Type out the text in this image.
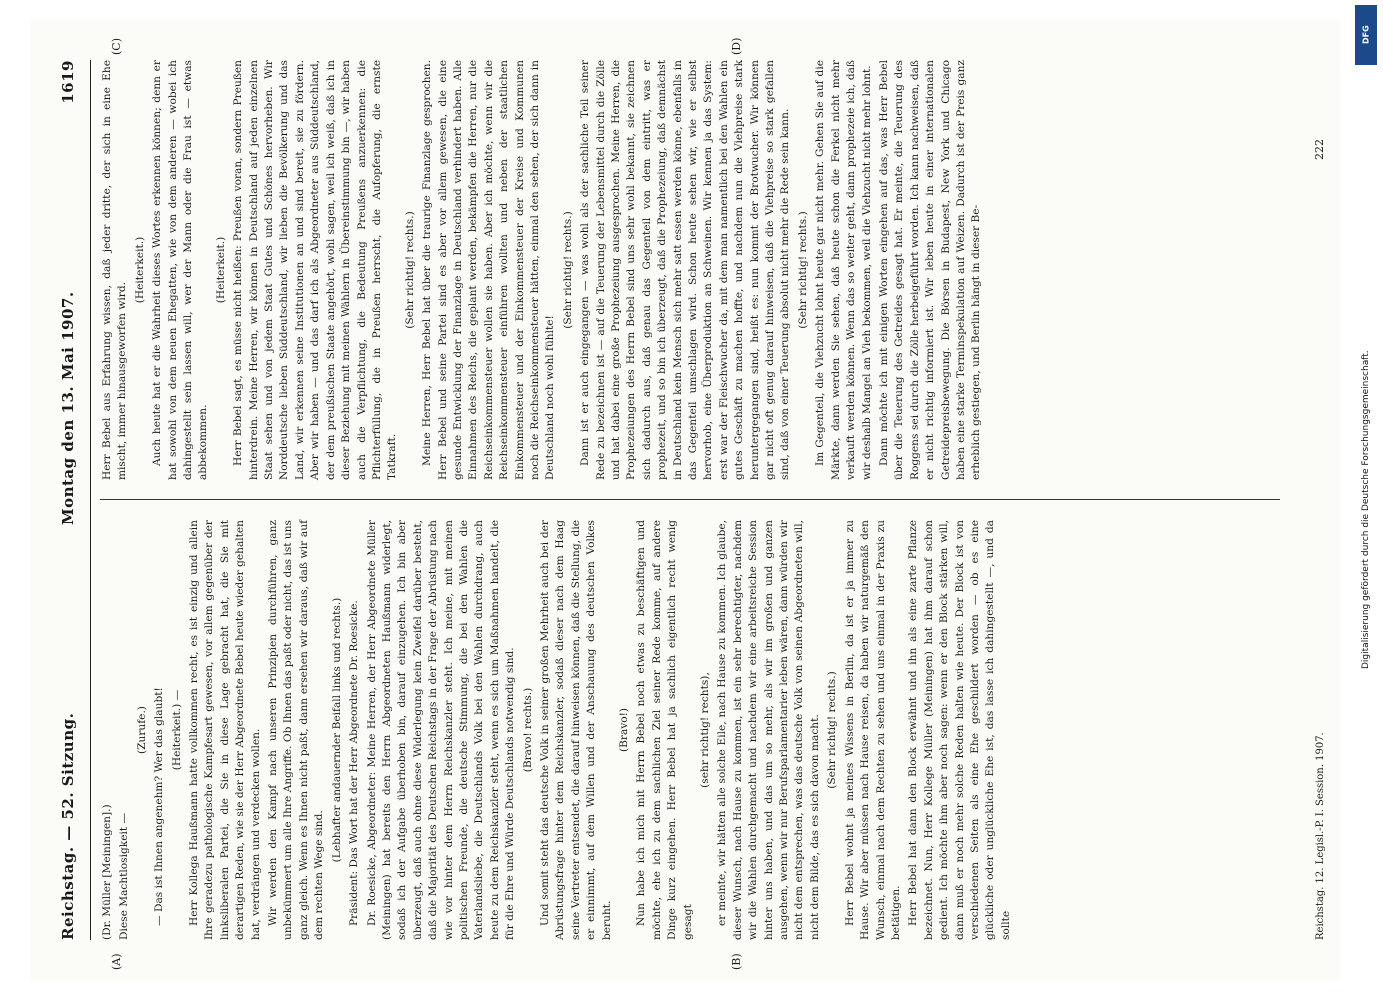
Reichstag. — 52. Sitzung.
Montag den 13. Mai 1907.
1619
(A)	(B)
(C)	(D)

(Dr. Müller [Meiningen].) Diese Machtlosigkeit —

(Zurufe.) — Das ist Ihnen angenehm? Wer das glaubt! (Heiterkeit.) — Herr Kollega Haußmann hatte vollkommen recht, es ist einzig und allein Ihre geradezu pathologische Kampfesart gewesen, vor allem gegenüber der linksliberalen Partei, die Sie in diese Lage gebracht hat, die Sie mit derartigen Reden, wie sie der Herr Abgeordnete Bebel heute wieder gehalten hat, verdrängen und verdecken wollen. Wir werden den Kampf nach unseren Prinzipien durchführen, ganz unbekümmert um alle Ihre Angriffe. Ob Ihnen das paßt oder nicht, das ist uns ganz gleich. Wenn es Ihnen nicht paßt, dann ersehen wir daraus, daß wir auf dem rechten Wege sind.

(Lebhafter andauernder Beifall links und rechts.) Präsident: Das Wort hat der Herr Abgeordnete Dr. Roesicke. Dr. Roesicke, Abgeordneter: Meine Herren, der Herr Abgeordnete Müller (Meiningen) hat bereits den Herrn Abgeordneten Haußmann widerlegt, sodaß ich der Aufgabe überhoben bin, darauf einzugehen. Ich bin aber überzeugt, daß auch ohne diese Widerlegung kein Zweifel darüber besteht, daß die Majorität des Deutschen Reichstags in der Frage der Abrüstung nach wie vor hinter dem Herrn Reichskanzler steht. Ich meine, mit meinen politischen Freunde, die deutsche Stimmung, die bei den Wahlen die Vaterlandsliebe, die Deutschlands Volk bei den Wahlen durchdrang, auch heute zu dem Reichskanzler steht, wenn es sich um Maßnahmen handelt, die für die Ehre und Würde Deutschlands notwendig sind. (Bravo! rechts.) Und somit steht das deutsche Volk in seiner großen Mehrheit auch bei der Abrüstungsfrage hinter dem Reichskanzler, sodaß dieser nach dem Haag seine Vertreter entsendet, die darauf hinweisen können, daß die Stellung, die er einnimmt, auf dem Willen und der Anschauung des deutschen Volkes beruht.

(Bravo!) Nun habe ich mich mit Herrn Bebel noch etwas zu beschäftigen und möchte, ehe ich zu dem sachlichen Ziel seiner Rede komme, auf andere Dinge kurz eingehen. Herr Bebel hat ja sachlich eigentlich recht wenig gesagt

(sehr richtig! rechts), er meinte, wir hätten alle solche Eile, nach Hause zu kommen. Ich glaube, dieser Wunsch, nach Hause zu kommen, ist ein sehr berechtigter, nachdem wir die Wahlen durchgemacht und nachdem wir eine arbeitsreiche Session hinter uns haben, und das um so mehr, als wir im großen und ganzen ausgehen, wenn wir nur Berufsparlamentarier leben wären, dann würden wir nicht dem entsprechen, was das deutsche Volk von seinen Abgeordneten will, nicht dem Bilde, das es sich davon macht. (Sehr richtig! rechts.) Herr Bebel wohnt ja meines Wissens in Berlin, da ist er ja immer zu Hause. Wir aber müssen nach Hause reisen, da haben wir naturgemäß den Wunsch, einmal nach dem Rechten zu sehen und uns einmal in der Praxis zu betätigen. Herr Bebel hat dann den Block erwähnt und ihn als eine zarte Pflanze bezeichnet. Nun, Herr Kollege Müller (Meiningen) hat ihm darauf schon gedient. Ich möchte ihm aber noch sagen: wenn er den Block stärken will, dann muß er noch mehr solche Reden halten wie heute. Der Block ist von verschiedenen Seiten als eine Ehe geschildert worden — ob es eine glückliche oder unglückliche Ehe ist, das lasse ich dahingestellt —, und da sollte

Herr Bebel aus Erfahrung wissen, daß jeder dritte, der sich in eine Ehe mischt, immer hinausgeworfen wird.

(Heiterkeit.) Auch heute hat er die Wahrheit dieses Wortes erkennen können; denn er hat sowohl von dem neuen Ehegatten, wie von dem anderen — wobei ich dahingestellt sein lassen will, wer der Mann oder die Frau ist — etwas abbekommen.

(Heiterkeit.) Herr Bebel sagt, es müsse nicht heißen: Preußen voran, sondern Preußen hinterdrein. Meine Herren, wir können in Deutschland auf jeden einzelnen Staat sehen und von jedem Staat Gutes und Schönes hervorheben. Wir Norddeutsche lieben Süddeutschland, wir lieben die Bevölkerung und das Land, wir erkennen seine Institutionen an und sind bereit, sie zu fördern. Aber wir haben — und das darf ich als Abgeordneter aus Süddeutschland, der dem preußischen Staate angehört, wohl sagen, weil ich weiß, daß ich in dieser Beziehung mit meinen Wählern in Übereinstimmung bin —, wir haben auch die Verpflichtung, die Bedeutung Preußens anzuerkennen: die Pflichterfüllung, die in Preußen herrscht, die Aufopferung, die ernste Tatkraft.

(Sehr richtig! rechts.) Meine Herren, Herr Bebel hat über die traurige Finanzlage gesprochen. Herr Bebel und seine Partei sind es aber vor allem gewesen, die eine gesunde Entwicklung der Finanzlage in Deutschland verhindert haben. Alle Einnahmen des Reichs, die geplant werden, bekämpfen die Herren, nur die Reichseinkommensteuer wollen sie haben. Aber ich möchte, wenn wir die Reichseinkommensteuer einführen wollten und neben der staatlichen Einkommensteuer und der Einkommensteuer der Kreise und Kommunen noch die Reichseinkommensteuer hätten, einmal den sehen, der sich dann in Deutschland noch wohl fühlte!

(Sehr richtig! rechts.) Dann ist er auch eingegangen — was wohl als der sachliche Teil seiner Rede zu bezeichnen ist — auf die Teuerung der Lebensmittel durch die Zölle und hat dabei eine große Prophezeiung ausgesprochen. Meine Herren, die Prophezeiungen des Herrn Bebel sind uns sehr wohl bekannt, sie zeichnen sich dadurch aus, daß genau das Gegenteil von dem eintritt, was er prophezeit, und so bin ich überzeugt, daß die Prophezeiung, daß demnächst in Deutschland kein Mensch sich mehr satt essen werden könne, ebenfalls in das Gegenteil umschlagen wird. Schon heute sehen wir, wie er selbst hervorhob, eine Überproduktion an Schweinen. Wir kennen ja das System: erst war der Fleischwucher da, mit dem man namentlich bei den Wahlen ein gutes Geschäft zu machen hoffte, und nachdem nun die Viehpreise stark heruntergegangen sind, heißt es: nun kommt der Brotwucher. Wir können gar nicht oft genug darauf hinweisen, daß die Viehpreise so stark gefallen sind, daß von einer Teuerung absolut nicht mehr die Rede sein kann. (Sehr richtig! rechts.) Im Gegenteil, die Viehzucht lohnt heute gar nicht mehr. Gehen Sie auf die Märkte, dann werden Sie sehen, daß heute schon die Ferkel nicht mehr verkauft werden können. Wenn das so weiter geht, dann prophezeie ich, daß wir deshalb Mangel an Vieh bekommen, weil die Viehzucht nicht mehr lohnt. Dann möchte ich mit einigen Worten eingehen auf das, was Herr Bebel über die Teuerung des Getreides gesagt hat. Er meinte, die Teuerung des Roggens sei durch die Zölle herbeigeführt worden. Ich kann nachweisen, daß er nicht richtig informiert ist. Wir leben heute in einer internationalen Getreidepreisbewegung. Die Börsen in Budapest, New York und Chicago haben eine starke Terminspekulation auf Weizen. Dadurch ist der Preis ganz erheblich gestiegen, und Berlin hängt in dieser Be-

Reichstag. 12. Legisl.-P. I. Session. 1907.
222
DFG
Digitalisierung gefördert durch die Deutsche Forschungsgemeinschaft.
